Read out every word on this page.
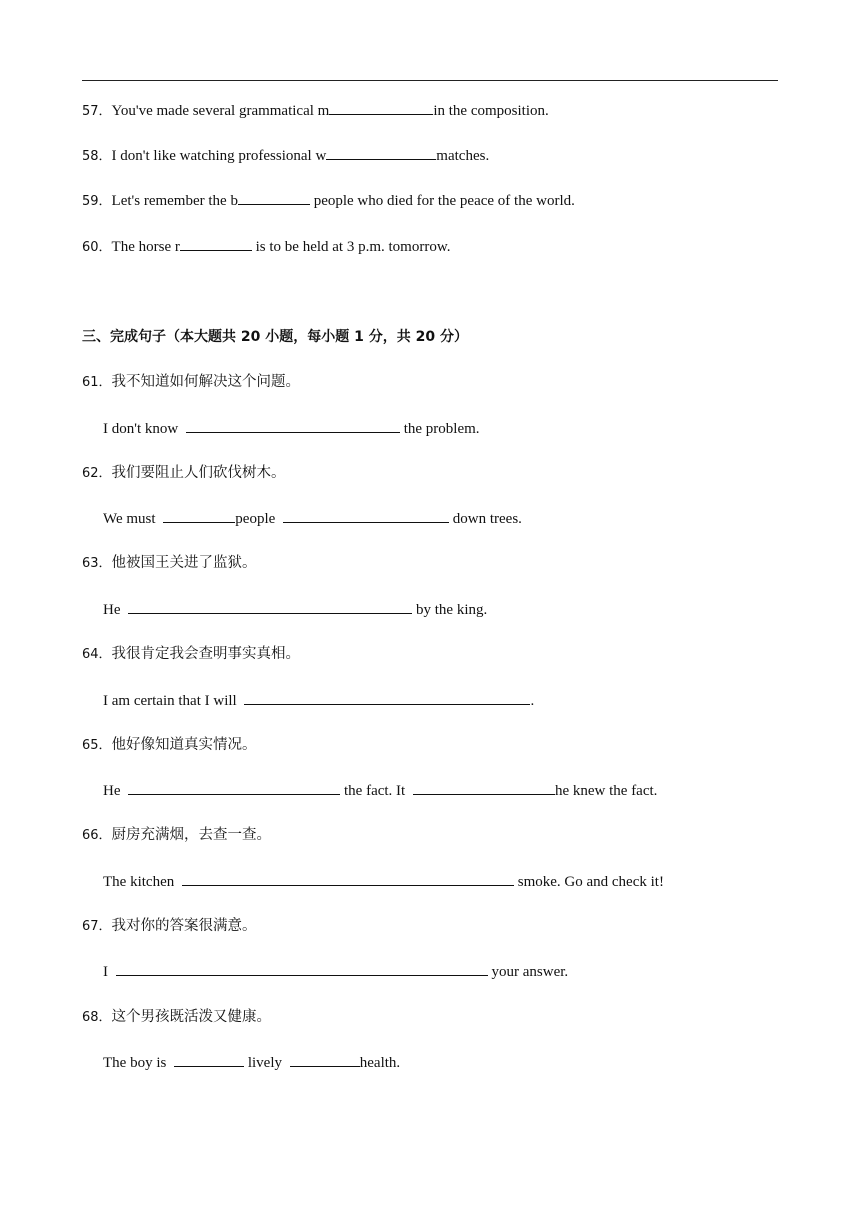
57．You've made several grammatical m	in the composition.
58．I don't like watching professional w	matches.
59．Let's remember the b	people who died for the peace of the world.
60．The horse r	is to be held at 3 p.m. tomorrow.
三、完成句子（本大题共 20 小题，每小题 1 分，共 20 分）
61．我不知道如何解决这个问题。
I don't know	the problem.
62．我们要阻止人们砍伐树木。
We must	people	down trees.
63．他被国王关进了监狱。
He	by the king.
64．我很肯定我会查明事实真相。
I am certain that I will	.
65．他好像知道真实情况。
He	the fact. It	he knew the fact.
66．厨房充满烟，去查一查。
The kitchen	smoke. Go and check it!
67．我对你的答案很满意。
I	your answer.
68．这个男孩既活泼又健康。
The boy is	lively	health.
